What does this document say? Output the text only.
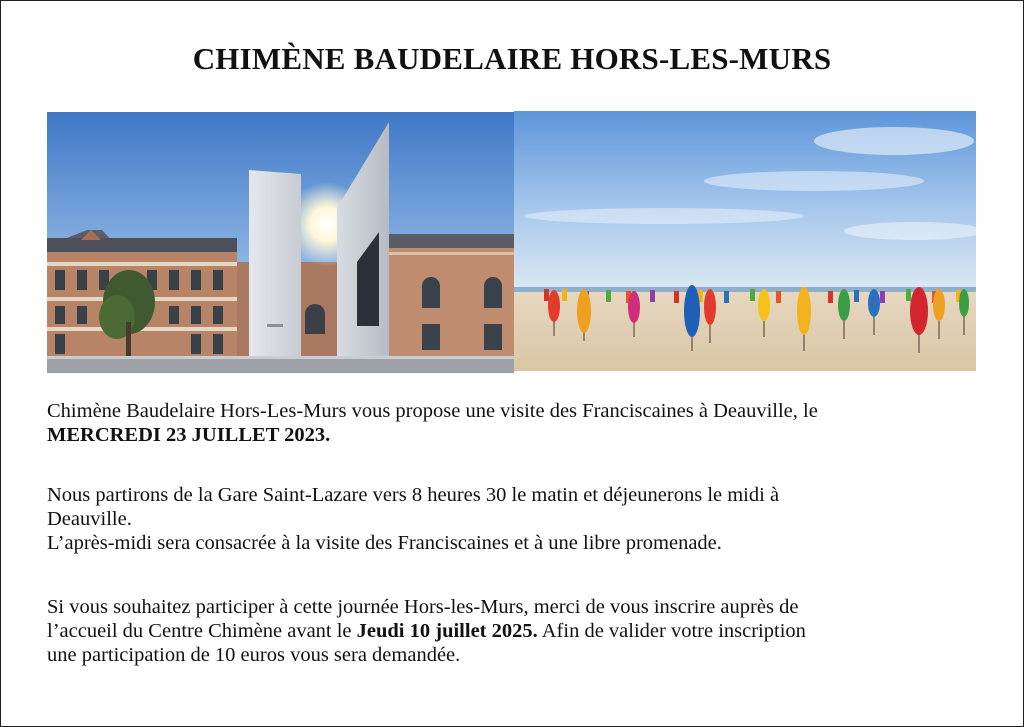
CHIMÈNE BAUDELAIRE HORS-LES-MURS
Chimène Baudelaire Hors-Les-Murs vous propose une visite des Franciscaines à Deauville, le
MERCREDI 23 JUILLET 2023.
Nous partirons de la Gare Saint-Lazare vers 8 heures 30 le matin et déjeunerons le midi à
Deauville.
L’après-midi sera consacrée à la visite des Franciscaines et à une libre promenade.
Si vous souhaitez participer à cette journée Hors-les-Murs, merci de vous inscrire auprès de
l’accueil du Centre Chimène avant le Jeudi 10 juillet 2025. Afin de valider votre inscription
une participation de 10 euros vous sera demandée.
